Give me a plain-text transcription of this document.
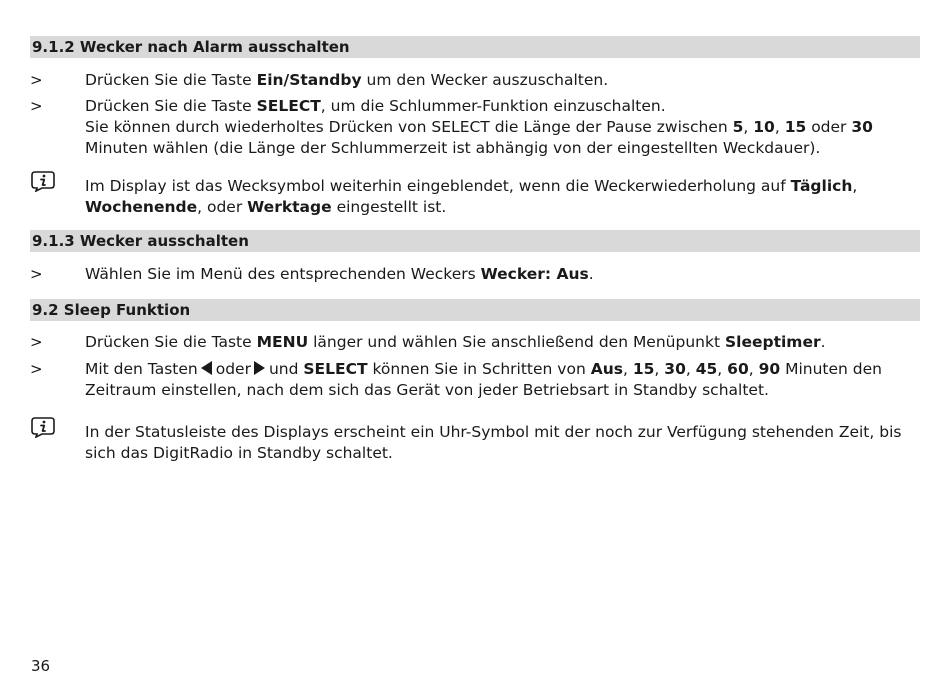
9.1.2 Wecker nach Alarm ausschalten
>	Drücken Sie die Taste Ein/Standby um den Wecker auszuschalten.
>	Drücken Sie die Taste SELECT, um die Schlummer-Funktion einzuschalten.
Sie können durch wiederholtes Drücken von SELECT die Länge der Pause zwischen 5, 10, 15 oder 30
Minuten wählen (die Länge der Schlummerzeit ist abhängig von der eingestellten Weckdauer).
Im Display ist das Wecksymbol weiterhin eingeblendet, wenn die Weckerwiederholung auf Täglich,
Wochenende, oder Werktage eingestellt ist.
9.1.3 Wecker ausschalten
>	Wählen Sie im Menü des entsprechenden Weckers Wecker: Aus.
9.2 Sleep Funktion
>	Drücken Sie die Taste MENU länger und wählen Sie anschließend den Menüpunkt Sleeptimer.
>	Mit den Tasten oder und SELECT können Sie in Schritten von Aus, 15, 30, 45, 60, 90 Minuten den Zeitraum einstellen, nach dem sich das Gerät von jeder Betriebsart in Standby schaltet.
In der Statusleiste des Displays erscheint ein Uhr-Symbol mit der noch zur Verfügung stehenden Zeit, bis sich das DigitRadio in Standby schaltet.
36
